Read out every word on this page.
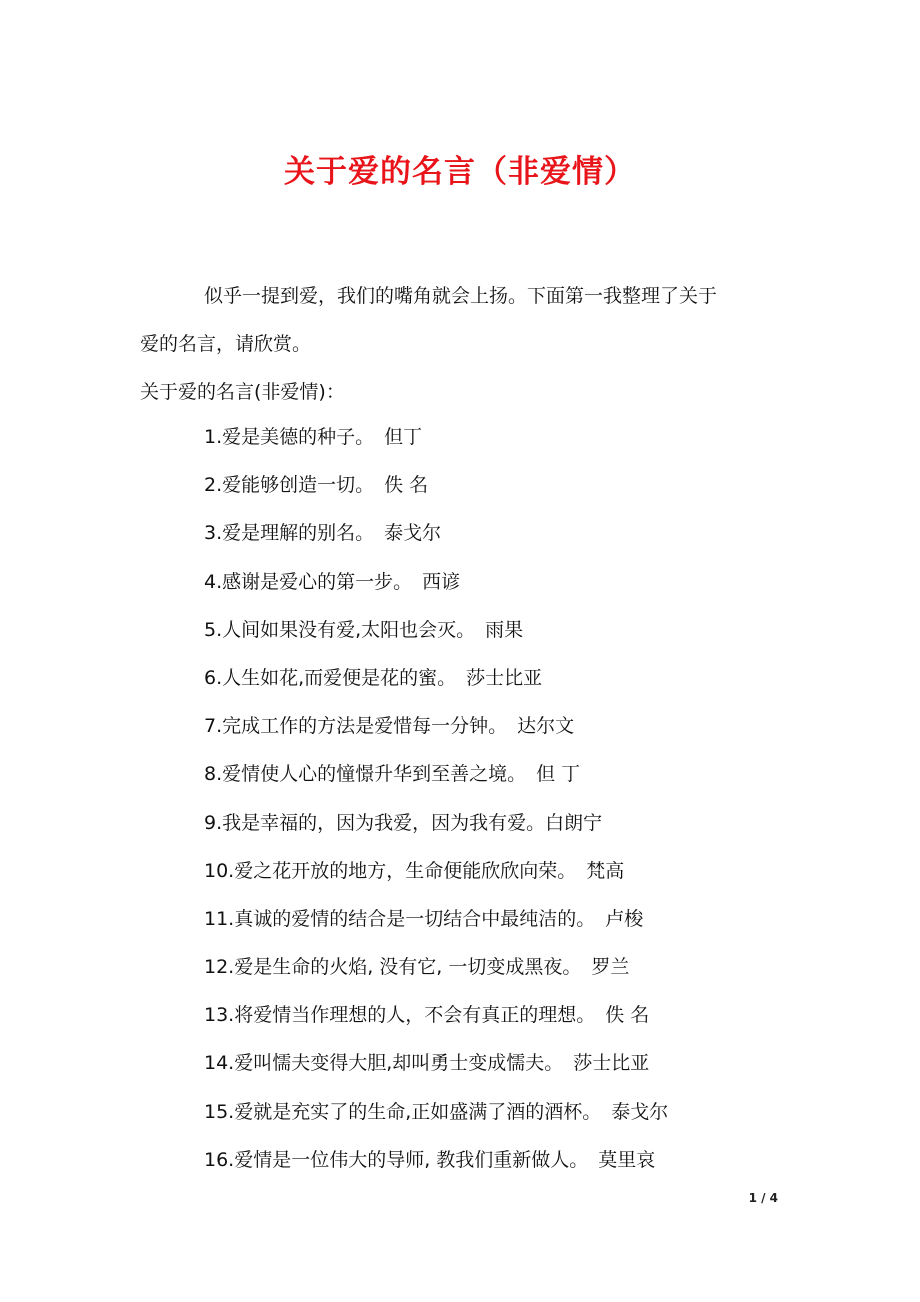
关于爱的名言（非爱情）
似乎一提到爱，我们的嘴角就会上扬。下面第一我整理了关于
爱的名言，请欣赏。
关于爱的名言(非爱情)：
1.爱是美德的种子。 但丁
2.爱能够创造一切。 佚 名
3.爱是理解的别名。 泰戈尔
4.感谢是爱心的第一步。 西谚
5.人间如果没有爱,太阳也会灭。 雨果
6.人生如花,而爱便是花的蜜。 莎士比亚
7.完成工作的方法是爱惜每一分钟。 达尔文
8.爱情使人心的憧憬升华到至善之境。 但 丁
9.我是幸福的，因为我爱，因为我有爱。白朗宁
10.爱之花开放的地方，生命便能欣欣向荣。 梵高
11.真诚的爱情的结合是一切结合中最纯洁的。 卢梭
12.爱是生命的火焰, 没有它, 一切变成黑夜。 罗兰
13.将爱情当作理想的人，不会有真正的理想。 佚 名
14.爱叫懦夫变得大胆,却叫勇士变成懦夫。 莎士比亚
15.爱就是充实了的生命,正如盛满了酒的酒杯。 泰戈尔
16.爱情是一位伟大的导师, 教我们重新做人。 莫里哀
1 / 4
